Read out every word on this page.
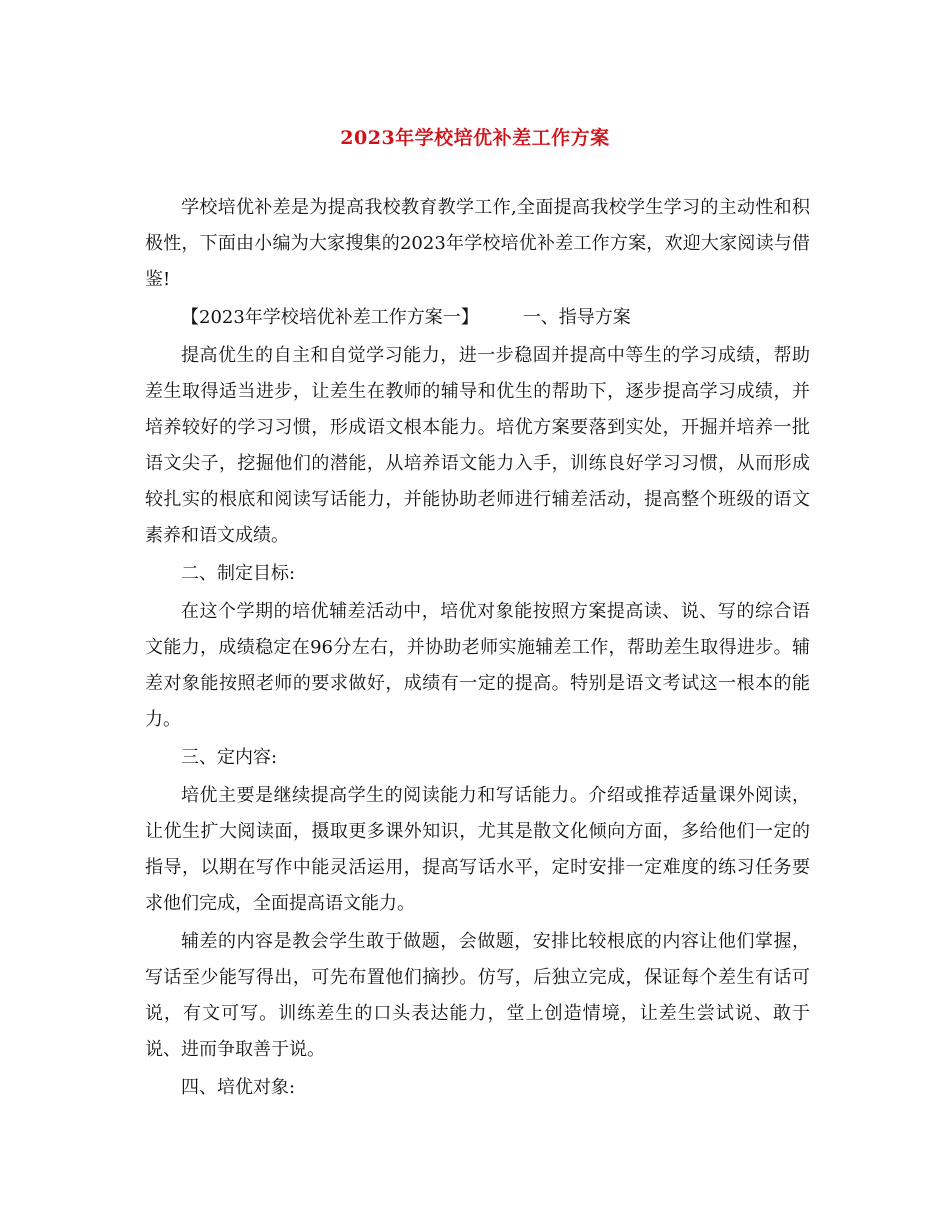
2023年学校培优补差工作方案

学校培优补差是为提高我校教育教学工作,全面提高我校学生学习的主动性和积极性，下面由小编为大家搜集的2023年学校培优补差工作方案，欢迎大家阅读与借鉴!

【2023年学校培优补差工作方案一】 一、指导方案

提高优生的自主和自觉学习能力，进一步稳固并提高中等生的学习成绩，帮助差生取得适当进步，让差生在教师的辅导和优生的帮助下，逐步提高学习成绩，并培养较好的学习习惯，形成语文根本能力。培优方案要落到实处，开掘并培养一批语文尖子，挖掘他们的潜能，从培养语文能力入手，训练良好学习习惯，从而形成较扎实的根底和阅读写话能力，并能协助老师进行辅差活动，提高整个班级的语文素养和语文成绩。

二、制定目标:

在这个学期的培优辅差活动中，培优对象能按照方案提高读、说、写的综合语文能力，成绩稳定在96分左右，并协助老师实施辅差工作，帮助差生取得进步。辅差对象能按照老师的要求做好，成绩有一定的提高。特别是语文考试这一根本的能力。

三、定内容:

培优主要是继续提高学生的阅读能力和写话能力。介绍或推荐适量课外阅读，让优生扩大阅读面，摄取更多课外知识，尤其是散文化倾向方面，多给他们一定的指导，以期在写作中能灵活运用，提高写话水平，定时安排一定难度的练习任务要求他们完成，全面提高语文能力。

辅差的内容是教会学生敢于做题，会做题，安排比较根底的内容让他们掌握，写话至少能写得出，可先布置他们摘抄。仿写，后独立完成，保证每个差生有话可说，有文可写。训练差生的口头表达能力，堂上创造情境，让差生尝试说、敢于说、进而争取善于说。

四、培优对象:
